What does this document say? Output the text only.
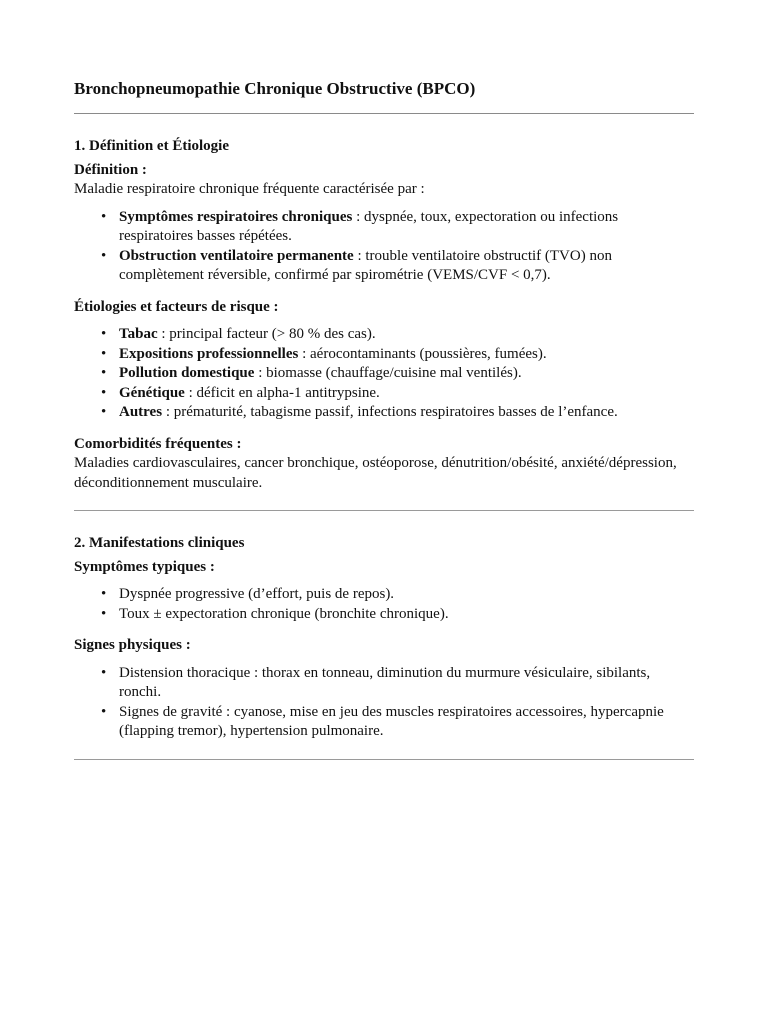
Bronchopneumopathie Chronique Obstructive (BPCO)
1. Définition et Étiologie
Définition :

Maladie respiratoire chronique fréquente caractérisée par :

• Symptômes respiratoires chroniques : dyspnée, toux, expectoration ou infections respiratoires basses répétées.
• Obstruction ventilatoire permanente : trouble ventilatoire obstructif (TVO) non complètement réversible, confirmé par spirométrie (VEMS/CVF < 0,7).
Étiologies et facteurs de risque :
• Tabac : principal facteur (> 80 % des cas).
• Expositions professionnelles : aérocontaminants (poussières, fumées).
• Pollution domestique : biomasse (chauffage/cuisine mal ventilés).
• Génétique : déficit en alpha-1 antitrypsine.
• Autres : prématurité, tabagisme passif, infections respiratoires basses de l’enfance.
Comorbidités fréquentes :

Maladies cardiovasculaires, cancer bronchique, ostéoporose, dénutrition/obésité, anxiété/dépression, déconditionnement musculaire.

2. Manifestations cliniques
Symptômes typiques :
• Dyspnée progressive (d’effort, puis de repos).
• Toux ± expectoration chronique (bronchite chronique).
Signes physiques :
• Distension thoracique : thorax en tonneau, diminution du murmure vésiculaire, sibilants, ronchi.
• Signes de gravité : cyanose, mise en jeu des muscles respiratoires accessoires, hypercapnie (flapping tremor), hypertension pulmonaire.
